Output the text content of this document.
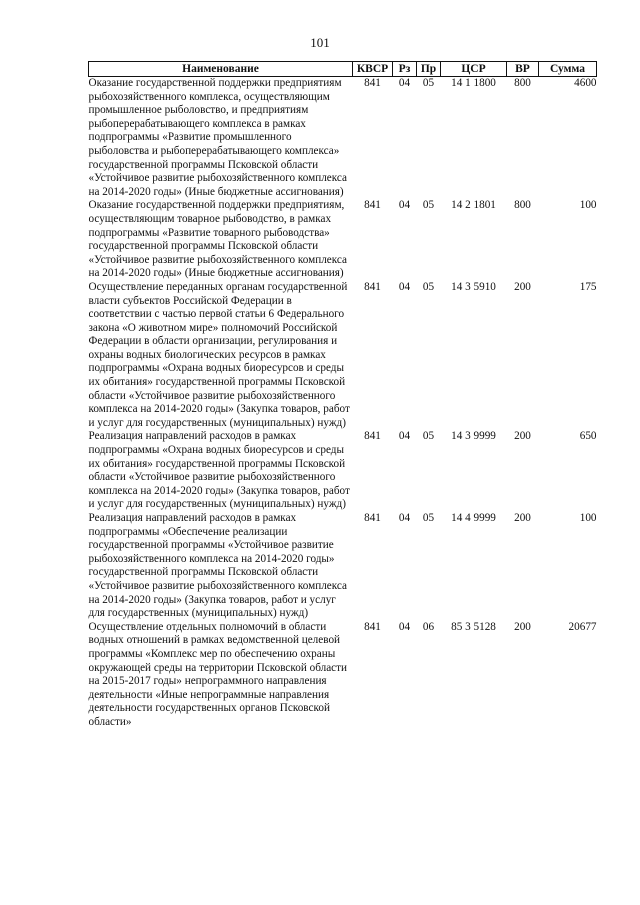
101
Наименование	КВСР	Рз	Пр	ЦСР	ВР	Сумма
Оказание государственной поддержки предприятиям рыбохозяйственного комплекса, осуществляющим промышленное рыболовство, и предприятиям рыбоперерабатывающего комплекса в рамках подпрограммы «Развитие промышленного рыболовства и рыбоперерабатывающего комплекса» государственной программы Псковской области «Устойчивое развитие рыбохозяйственного комплекса на 2014-2020 годы» (Иные бюджетные ассигнования)	841	04	05	14 1 1800	800	4600
Оказание государственной поддержки предприятиям, осуществляющим товарное рыбоводство, в рамках подпрограммы «Развитие товарного рыбоводства» государственной программы Псковской области «Устойчивое развитие рыбохозяйственного комплекса на 2014-2020 годы» (Иные бюджетные ассигнования)	841	04	05	14 2 1801	800	100
Осуществление переданных органам государственной власти субъектов Российской Федерации в соответствии с частью первой статьи 6 Федерального закона «О животном мире» полномочий Российской Федерации в области организации, регулирования и охраны водных биологических ресурсов в рамках подпрограммы «Охрана водных биоресурсов и среды их обитания» государственной программы Псковской области «Устойчивое развитие рыбохозяйственного комплекса на 2014-2020 годы» (Закупка товаров, работ и услуг для государственных (муниципальных) нужд)	841	04	05	14 3 5910	200	175
Реализация направлений расходов в рамках подпрограммы «Охрана водных биоресурсов и среды их обитания» государственной программы Псковской области «Устойчивое развитие рыбохозяйственного комплекса на 2014-2020 годы» (Закупка товаров, работ и услуг для государственных (муниципальных) нужд)	841	04	05	14 3 9999	200	650
Реализация направлений расходов в рамках подпрограммы «Обеспечение реализации государственной программы «Устойчивое развитие рыбохозяйственного комплекса на 2014-2020 годы» государственной программы Псковской области «Устойчивое развитие рыбохозяйственного комплекса на 2014-2020 годы» (Закупка товаров, работ и услуг для государственных (муниципальных) нужд)	841	04	05	14 4 9999	200	100
Осуществление отдельных полномочий в области водных отношений в рамках ведомственной целевой программы «Комплекс мер по обеспечению охраны окружающей среды на территории Псковской области на 2015-2017 годы» непрограммного направления деятельности «Иные непрограммные направления деятельности государственных органов Псковской области»	841	04	06	85 3 5128	200	20677
